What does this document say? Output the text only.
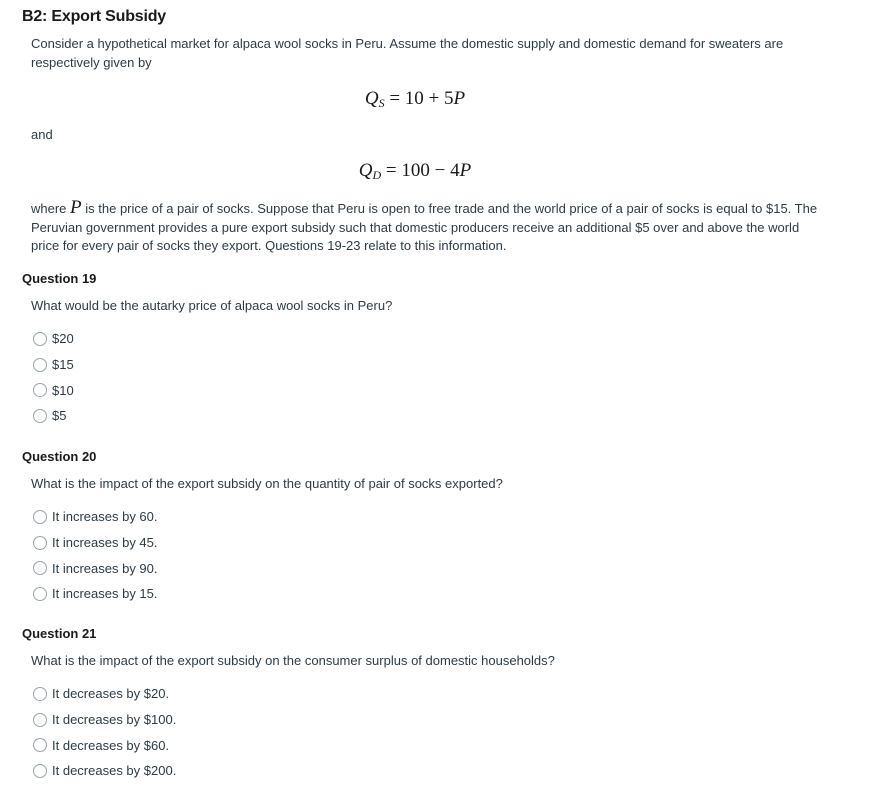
B2: Export Subsidy
Consider a hypothetical market for alpaca wool socks in Peru. Assume the domestic supply and domestic demand for sweaters are respectively given by
$Q_S = 10 + 5P$
and
$Q_D = 100 - 4P$
where P is the price of a pair of socks. Suppose that Peru is open to free trade and the world price of a pair of socks is equal to $15. The Peruvian government provides a pure export subsidy such that domestic producers receive an additional $5 over and above the world price for every pair of socks they export. Questions 19-23 relate to this information.
Question 19
What would be the autarky price of alpaca wool socks in Peru?
$20
$15
$10
$5
Question 20
What is the impact of the export subsidy on the quantity of pair of socks exported?
It increases by 60.
It increases by 45.
It increases by 90.
It increases by 15.
Question 21
What is the impact of the export subsidy on the consumer surplus of domestic households?
It decreases by $20.
It decreases by $100.
It decreases by $60.
It decreases by $200.
